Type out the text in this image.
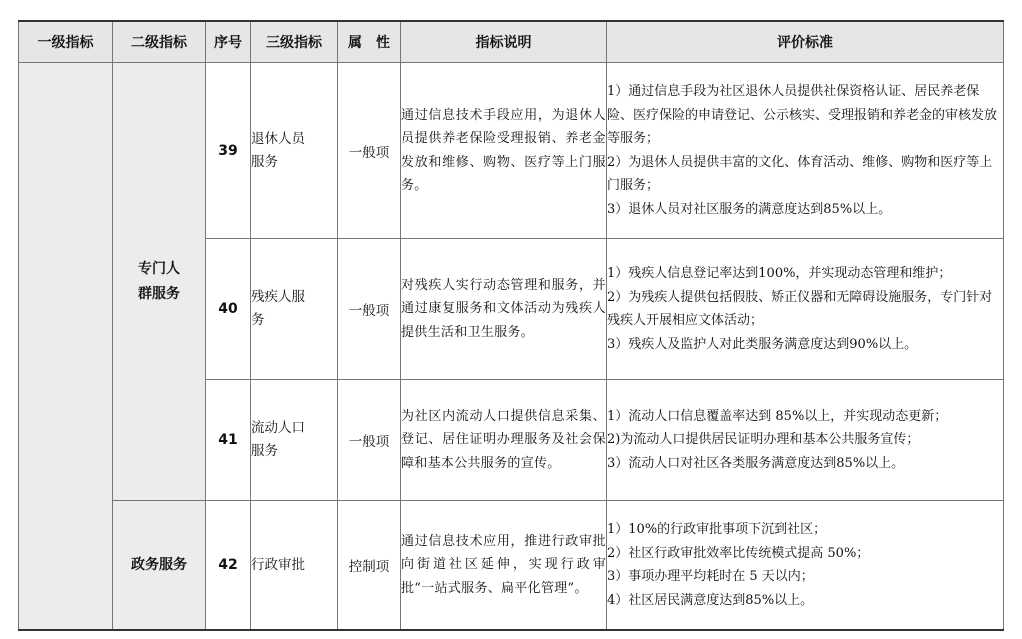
一级指标	二级指标	序号	三级指标	属　性	指标说明	评价标准

	专门人群服务	39	退休人员服务	一般项	通过信息技术手段应用，为退休人员提供养老保险受理报销、养老金发放和维修、购物、医疗等上门服务。	1）通过信息手段为社区退休人员提供社保资格认证、居民养老保险、医疗保险的申请登记、公示核实、受理报销和养老金的审核发放等服务；
2）为退休人员提供丰富的文化、体育活动、维修、购物和医疗等上门服务；
3）退休人员对社区服务的满意度达到85%以上。

		40	残疾人服务	一般项	对残疾人实行动态管理和服务，并通过康复服务和文体活动为残疾人提供生活和卫生服务。	1）残疾人信息登记率达到100%，并实现动态管理和维护；
2）为残疾人提供包括假肢、矫正仪器和无障碍设施服务，专门针对残疾人开展相应文体活动；
3）残疾人及监护人对此类服务满意度达到90%以上。

		41	流动人口服务	一般项	为社区内流动人口提供信息采集、登记、居住证明办理服务及社会保障和基本公共服务的宣传。	1）流动人口信息覆盖率达到 85%以上，并实现动态更新；
2)为流动人口提供居民证明办理和基本公共服务宣传；
3）流动人口对社区各类服务满意度达到85%以上。

	政务服务	42	行政审批	控制项	通过信息技术应用，推进行政审批向街道社区延伸，实现行政审批“一站式服务、扁平化管理”。	1）10%的行政审批事项下沉到社区；
2）社区行政审批效率比传统模式提高 50%；
3）事项办理平均耗时在 5 天以内；
4）社区居民满意度达到85%以上。
